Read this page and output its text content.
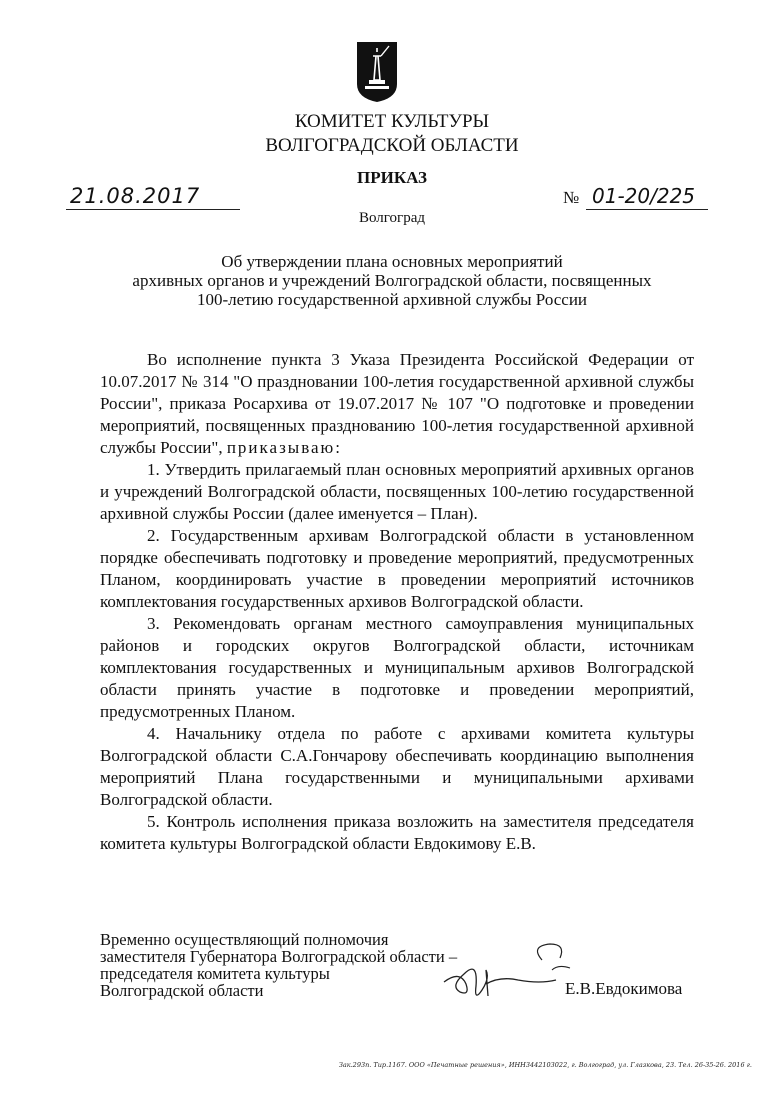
КОМИТЕТ КУЛЬТУРЫ
ВОЛГОГРАДСКОЙ ОБЛАСТИ
ПРИКАЗ
21.08.2017	№ 01-20/225
Волгоград
Об утверждении плана основных мероприятий
архивных органов и учреждений Волгоградской области, посвященных
100-летию государственной архивной службы России

Во исполнение пункта 3 Указа Президента Российской Федерации от 10.07.2017 № 314 "О праздновании 100-летия государственной архивной службы России", приказа Росархива от 19.07.2017 № 107 "О подготовке и проведении мероприятий, посвященных празднованию 100-летия государственной архивной службы России", приказываю:

1. Утвердить прилагаемый план основных мероприятий архивных органов и учреждений Волгоградской области, посвященных 100-летию государственной архивной службы России (далее именуется – План).

2. Государственным архивам Волгоградской области в установленном порядке обеспечивать подготовку и проведение мероприятий, предусмотренных Планом, координировать участие в проведении мероприятий источников комплектования государственных архивов Волгоградской области.

3. Рекомендовать органам местного самоуправления муниципальных районов и городских округов Волгоградской области, источникам комплектования государственных и муниципальным архивов Волгоградской области принять участие в подготовке и проведении мероприятий, предусмотренных Планом.

4. Начальнику отдела по работе с архивами комитета культуры Волгоградской области С.А.Гончарову обеспечивать координацию выполнения мероприятий Плана государственными и муниципальными архивами Волгоградской области.

5. Контроль исполнения приказа возложить на заместителя председателя комитета культуры Волгоградской области Евдокимову Е.В.

Временно осуществляющий полномочия
заместителя Губернатора Волгоградской области –
председателя комитета культуры
Волгоградской области	Е.В.Евдокимова
Зак.293п. Тир.1167. ООО «Печатные решения», ИНН3442103022, г. Волгоград, ул. Глазкова, 23. Тел. 26-35-26. 2016 г.
